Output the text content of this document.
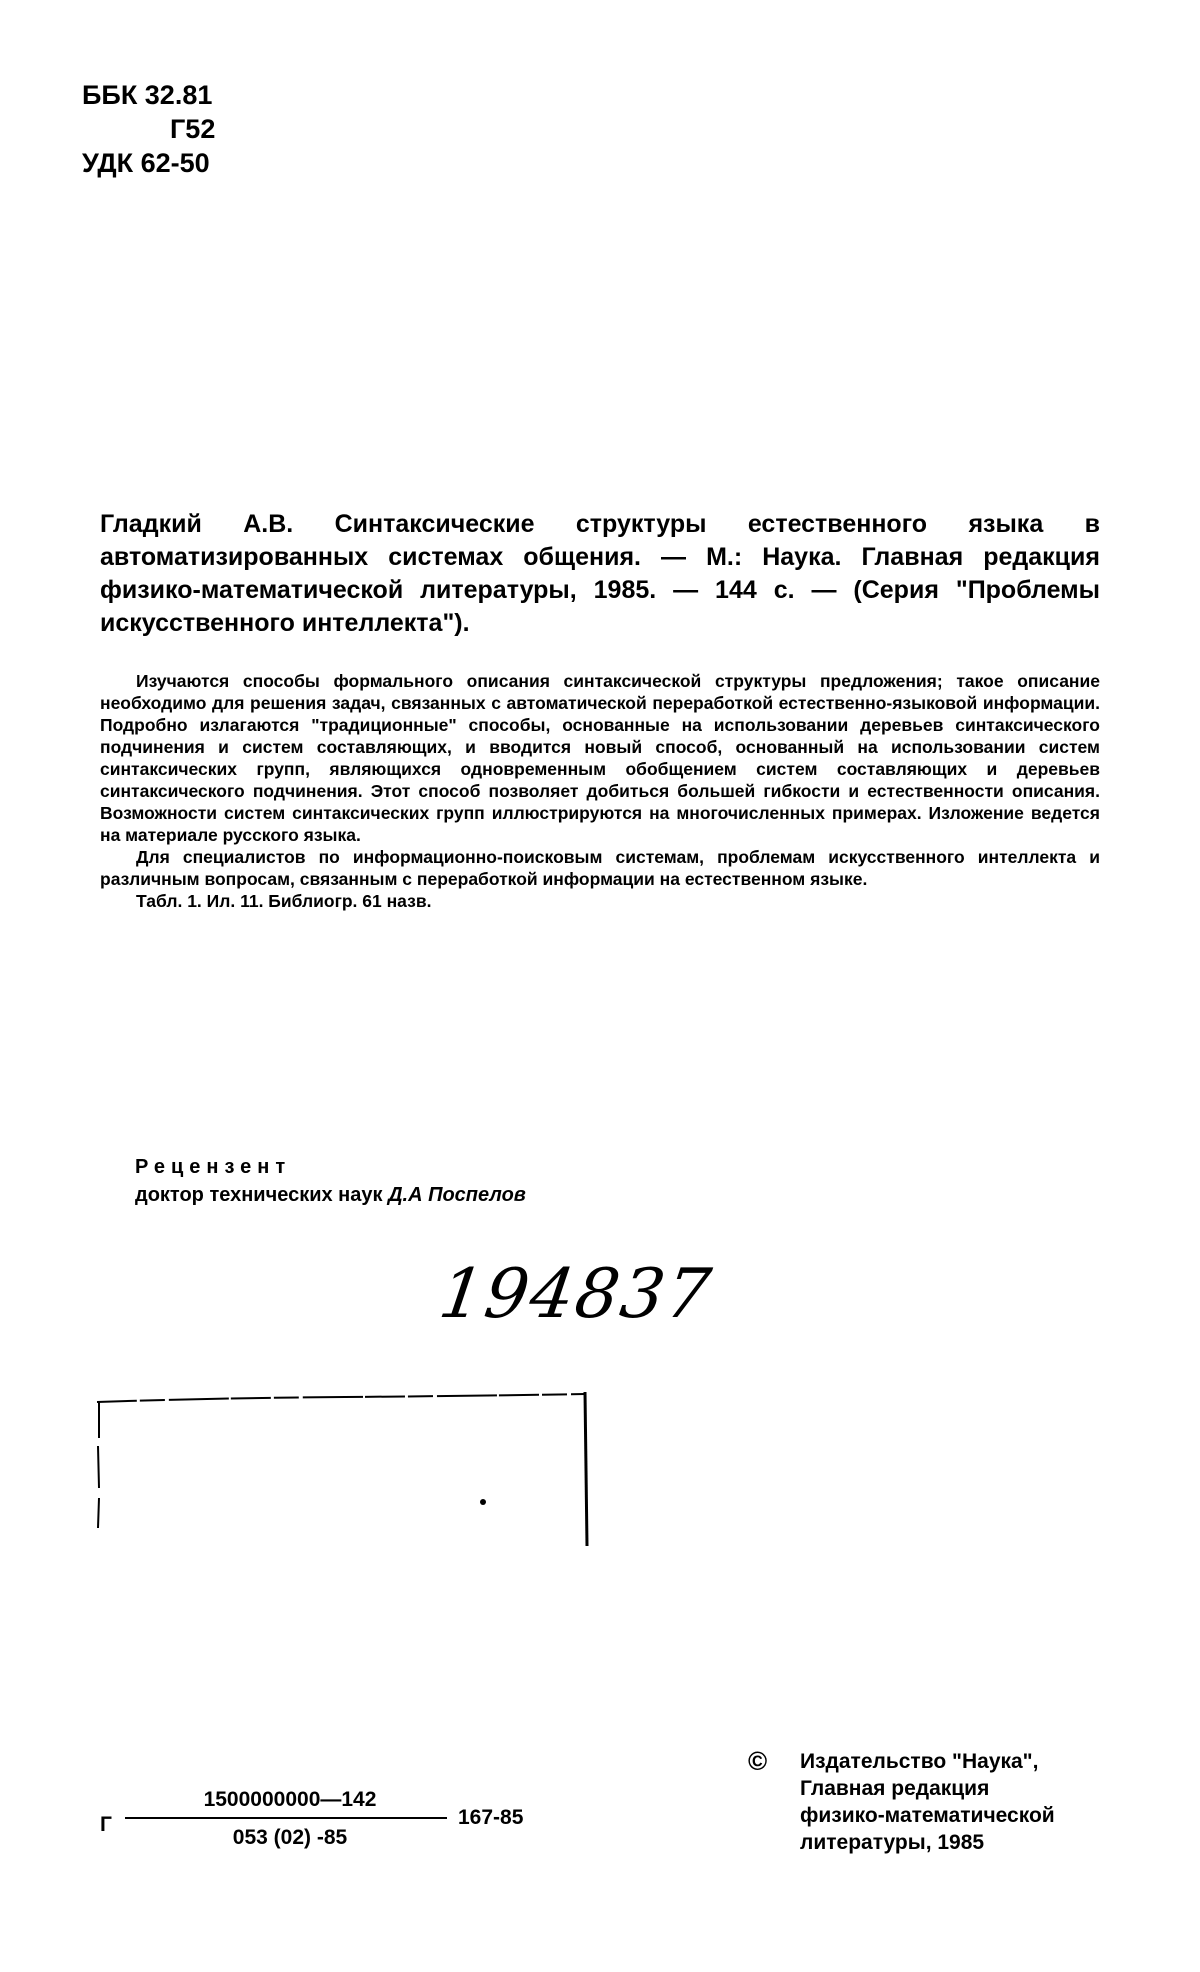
ББК 32.81
Г52
УДК 62-50
Гладкий А.В. Синтаксические структуры естественного языка в автоматизированных системах общения. — М.: Наука. Главная редакция физико-математической литературы, 1985. — 144 с. — (Серия "Проблемы искусственного интеллекта").

Изучаются способы формального описания синтаксической структуры предложения; такое описание необходимо для решения задач, связанных с автоматической переработкой естественно-языковой информации. Подробно излагаются "традиционные" способы, основанные на использовании деревьев синтаксического подчинения и систем составляющих, и вводится новый способ, основанный на использовании систем синтаксических групп, являющихся одновременным обобщением систем составляющих и деревьев синтаксического подчинения. Этот способ позволяет добиться большей гибкости и естественности описания. Возможности систем синтаксических групп иллюстрируются на многочисленных примерах. Изложение ведется на материале русского языка.

Для специалистов по информационно-поисковым системам, проблемам искусственного интеллекта и различным вопросам, связанным с переработкой информации на естественном языке.

Табл. 1. Ил. 11. Библиогр. 61 назв.

Рецензент
доктор технических наук Д.А Поспелов
194837
Г
1500000000—142
053 (02) -85
167-85
© Издательство "Наука",
Главная редакция
физико-математической
литературы, 1985
